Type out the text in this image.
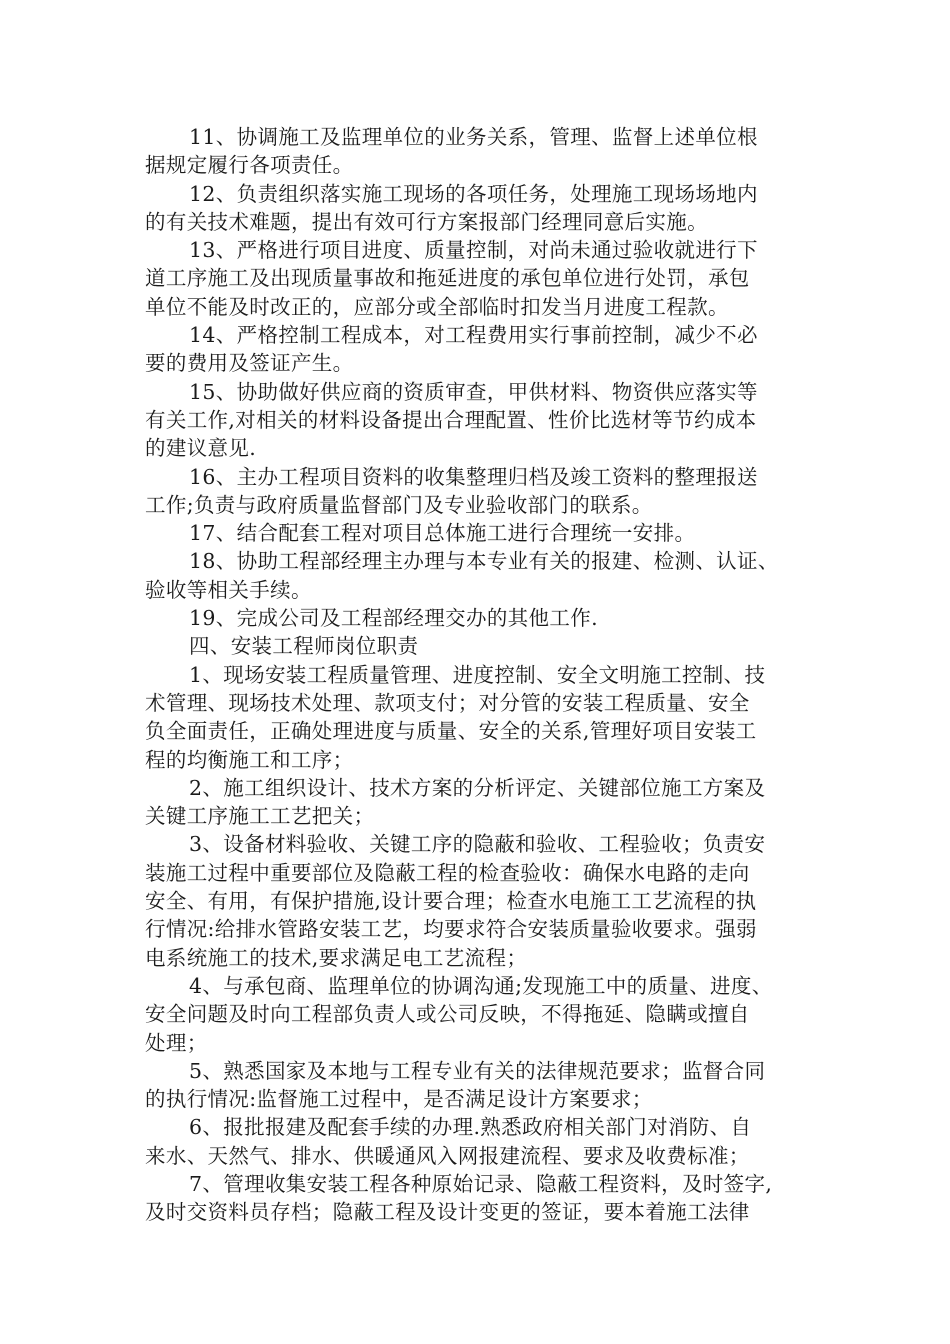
11、协调施工及监理单位的业务关系，管理、监督上述单位根
据规定履行各项责任。
12、负责组织落实施工现场的各项任务，处理施工现场场地内
的有关技术难题，提出有效可行方案报部门经理同意后实施。
13、严格进行项目进度、质量控制，对尚未通过验收就进行下
道工序施工及出现质量事故和拖延进度的承包单位进行处罚，承包
单位不能及时改正的，应部分或全部临时扣发当月进度工程款。
14、严格控制工程成本，对工程费用实行事前控制，减少不必
要的费用及签证产生。
15、协助做好供应商的资质审查，甲供材料、物资供应落实等
有关工作,对相关的材料设备提出合理配置、性价比选材等节约成本
的建议意见.
16、主办工程项目资料的收集整理归档及竣工资料的整理报送
工作;负责与政府质量监督部门及专业验收部门的联系。
17、结合配套工程对项目总体施工进行合理统一安排。
18、协助工程部经理主办理与本专业有关的报建、检测、认证、
验收等相关手续。
19、完成公司及工程部经理交办的其他工作.
四、安装工程师岗位职责
1、现场安装工程质量管理、进度控制、安全文明施工控制、技
术管理、现场技术处理、款项支付；对分管的安装工程质量、安全
负全面责任，正确处理进度与质量、安全的关系,管理好项目安装工
程的均衡施工和工序；
2、施工组织设计、技术方案的分析评定、关键部位施工方案及
关键工序施工工艺把关；
3、设备材料验收、关键工序的隐蔽和验收、工程验收；负责安
装施工过程中重要部位及隐蔽工程的检查验收：确保水电路的走向
安全、有用，有保护措施,设计要合理；检查水电施工工艺流程的执
行情况:给排水管路安装工艺，均要求符合安装质量验收要求。强弱
电系统施工的技术,要求满足电工艺流程；
4、与承包商、监理单位的协调沟通;发现施工中的质量、进度、
安全问题及时向工程部负责人或公司反映，不得拖延、隐瞒或擅自
处理；
5、熟悉国家及本地与工程专业有关的法律规范要求；监督合同
的执行情况:监督施工过程中，是否满足设计方案要求；
6、报批报建及配套手续的办理.熟悉政府相关部门对消防、自
来水、天然气、排水、供暖通风入网报建流程、要求及收费标准；
7、管理收集安装工程各种原始记录、隐蔽工程资料，及时签字,
及时交资料员存档；隐蔽工程及设计变更的签证，要本着施工法律
